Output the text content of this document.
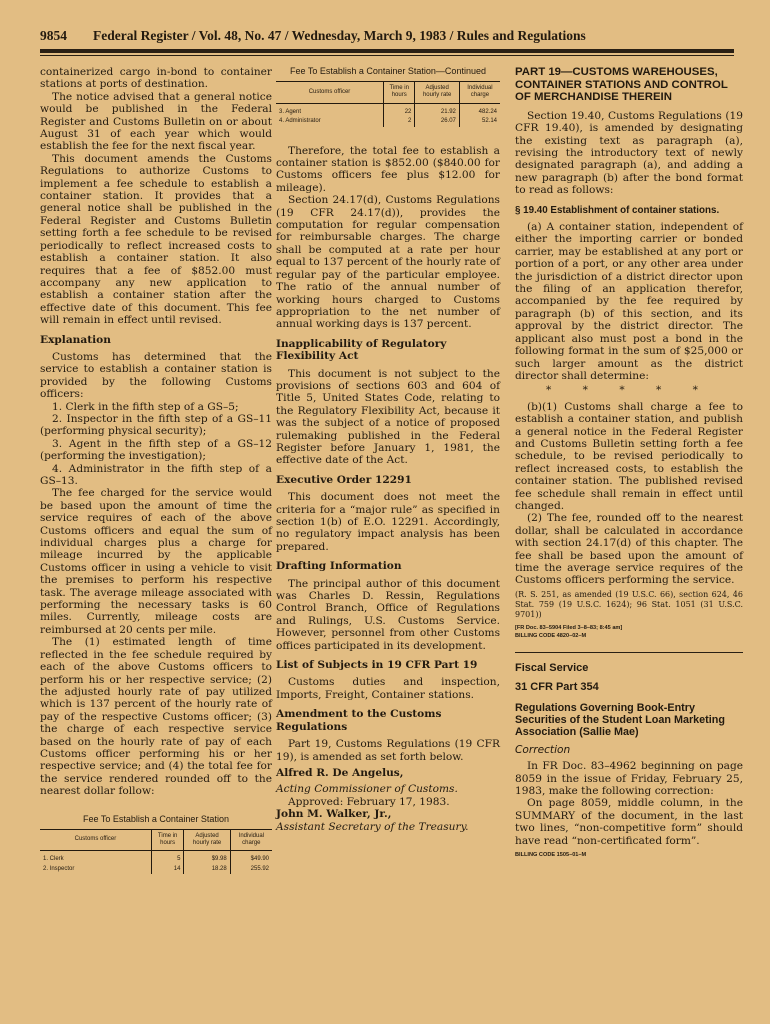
9854 Federal Register / Vol. 48, No. 47 / Wednesday, March 9, 1983 / Rules and Regulations

containerized cargo in-bond to container stations at ports of destination.

The notice advised that a general notice would be published in the Federal Register and Customs Bulletin on or about August 31 of each year which would establish the fee for the next fiscal year.

This document amends the Customs Regulations to authorize Customs to implement a fee schedule to establish a container station. It provides that a general notice shall be published in the Federal Register and Customs Bulletin setting forth a fee schedule to be revised periodically to reflect increased costs to establish a container station. It also requires that a fee of $852.00 must accompany any new application to establish a container station after the effective date of this document. This fee will remain in effect until revised.

Explanation

Customs has determined that the service to establish a container station is provided by the following Customs officers:

1. Clerk in the fifth step of a GS–5;

2. Inspector in the fifth step of a GS–11 (performing physical security);

3. Agent in the fifth step of a GS–12 (performing the investigation);

4. Administrator in the fifth step of a GS–13.

The fee charged for the service would be based upon the amount of time the service requires of each of the above Customs officers and equal the sum of individual charges plus a charge for mileage incurred by the applicable Customs officer in using a vehicle to visit the premises to perform his respective task. The average mileage associated with performing the necessary tasks is 60 miles. Currently, mileage costs are reimbursed at 20 cents per mile.

The (1) estimated length of time reflected in the fee schedule required by each of the above Customs officers to perform his or her respective service; (2) the adjusted hourly rate of pay utilized which is 137 percent of the hourly rate of pay of the respective Customs officer; (3) the charge of each respective service based on the hourly rate of pay of each Customs officer performing his or her respective service; and (4) the total fee for the service rendered rounded off to the nearest dollar follow:

Fee To Establish a Container Station
Customs officer	Time in hours	Adjusted hourly rate	Individual charge
1. Clerk	5	$9.98	$49.90
2. Inspector	14	18.28	255.92
Fee To Establish a Container Station—Continued
Customs officer	Time in hours	Adjusted hourly rate	Individual charge
3. Agent	22	21.92	482.24
4. Administrator	2	26.07	52.14

Therefore, the total fee to establish a container station is $852.00 ($840.00 for Customs officers fee plus $12.00 for mileage).

Section 24.17(d), Customs Regulations (19 CFR 24.17(d)), provides the computation for regular compensation for reimbursable charges. The charge shall be computed at a rate per hour equal to 137 percent of the hourly rate of regular pay of the particular employee. The ratio of the annual number of working hours charged to Customs appropriation to the net number of annual working days is 137 percent.

Inapplicability of Regulatory Flexibility Act

This document is not subject to the provisions of sections 603 and 604 of Title 5, United States Code, relating to the Regulatory Flexibility Act, because it was the subject of a notice of proposed rulemaking published in the Federal Register before January 1, 1981, the effective date of the Act.

Executive Order 12291

This document does not meet the criteria for a “major rule” as specified in section 1(b) of E.O. 12291. Accordingly, no regulatory impact analysis has been prepared.

Drafting Information

The principal author of this document was Charles D. Ressin, Regulations Control Branch, Office of Regulations and Rulings, U.S. Customs Service. However, personnel from other Customs offices participated in its development.

List of Subjects in 19 CFR Part 19

Customs duties and inspection, Imports, Freight, Container stations.

Amendment to the Customs Regulations

Part 19, Customs Regulations (19 CFR 19), is amended as set forth below.

Alfred R. De Angelus,

Acting Commissioner of Customs.

Approved: February 17, 1983.

John M. Walker, Jr.,

Assistant Secretary of the Treasury.

PART 19—CUSTOMS WAREHOUSES, CONTAINER STATIONS AND CONTROL OF MERCHANDISE THEREIN

Section 19.40, Customs Regulations (19 CFR 19.40), is amended by designating the existing text as paragraph (a), revising the introductory text of newly designated paragraph (a), and adding a new paragraph (b) after the bond format to read as follows:

§ 19.40 Establishment of container stations.

(a) A container station, independent of either the importing carrier or bonded carrier, may be established at any port or portion of a port, or any other area under the jurisdiction of a district director upon the filing of an application therefor, accompanied by the fee required by paragraph (b) of this section, and its approval by the district director. The applicant also must post a bond in the following format in the sum of $25,000 or such larger amount as the district director shall determine:

* * * * *

(b)(1) Customs shall charge a fee to establish a container station, and publish a general notice in the Federal Register and Customs Bulletin setting forth a fee schedule, to be revised periodically to reflect increased costs, to establish the container station. The published revised fee schedule shall remain in effect until changed.

(2) The fee, rounded off to the nearest dollar, shall be calculated in accordance with section 24.17(d) of this chapter. The fee shall be based upon the amount of time the average service requires of the Customs officers performing the service.

(R. S. 251, as amended (19 U.S.C. 66), section 624, 46 Stat. 759 (19 U.S.C. 1624); 96 Stat. 1051 (31 U.S.C. 9701))

[FR Doc. 83–5904 Filed 3–8–83; 8:45 am]

BILLING CODE 4820–02–M

Fiscal Service
31 CFR Part 354
Regulations Governing Book-Entry Securities of the Student Loan Marketing Association (Sallie Mae)

Correction

In FR Doc. 83–4962 beginning on page 8059 in the issue of Friday, February 25, 1983, make the following correction:

On page 8059, middle column, in the SUMMARY of the document, in the last two lines, “non-competitive form” should have read “non-certificated form”.

BILLING CODE 1505–01–M
